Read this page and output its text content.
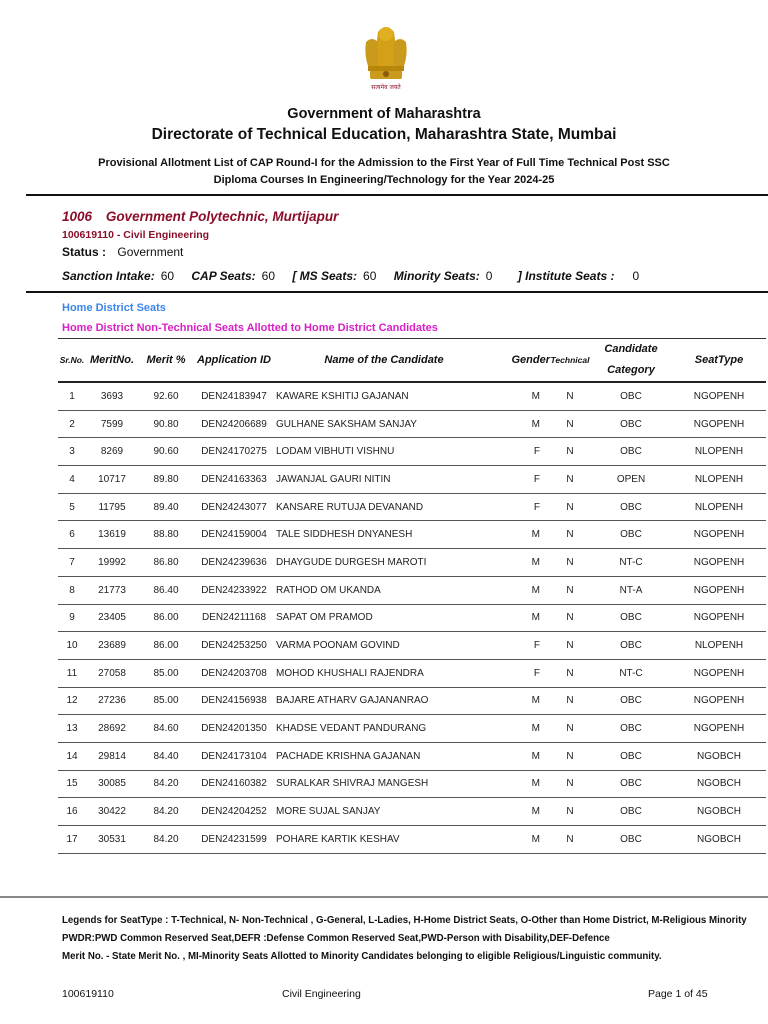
सत्यमेव जयते
Government of Maharashtra
Directorate of Technical Education, Maharashtra State, Mumbai
Provisional Allotment List of CAP Round-I for the Admission to the First Year of Full Time Technical Post SSC
Diploma Courses In Engineering/Technology for the Year 2024-25
1006 Government Polytechnic, Murtijapur
100619110 - Civil Engineering
Status : Government
Sanction Intake: 60 CAP Seats: 60 [ MS Seats: 60 Minority Seats: 0 ] Institute Seats : 0
Home District Seats
Home District Non-Technical Seats Allotted to Home District Candidates
Sr.No.	MeritNo.	Merit %	Application ID	Name of the Candidate	Gender	Technical	Candidate
Category	SeatType
1	3693	92.60	DEN24183947	KAWARE KSHITIJ GAJANAN	M	N	OBC	NGOPENH
2	7599	90.80	DEN24206689	GULHANE SAKSHAM SANJAY	M	N	OBC	NGOPENH
3	8269	90.60	DEN24170275	LODAM VIBHUTI VISHNU	F	N	OBC	NLOPENH
4	10717	89.80	DEN24163363	JAWANJAL GAURI NITIN	F	N	OPEN	NLOPENH
5	11795	89.40	DEN24243077	KANSARE RUTUJA DEVANAND	F	N	OBC	NLOPENH
6	13619	88.80	DEN24159004	TALE SIDDHESH DNYANESH	M	N	OBC	NGOPENH
7	19992	86.80	DEN24239636	DHAYGUDE DURGESH MAROTI	M	N	NT-C	NGOPENH
8	21773	86.40	DEN24233922	RATHOD OM UKANDA	M	N	NT-A	NGOPENH
9	23405	86.00	DEN24211168	SAPAT OM PRAMOD	M	N	OBC	NGOPENH
10	23689	86.00	DEN24253250	VARMA POONAM GOVIND	F	N	OBC	NLOPENH
11	27058	85.00	DEN24203708	MOHOD KHUSHALI RAJENDRA	F	N	NT-C	NGOPENH
12	27236	85.00	DEN24156938	BAJARE ATHARV GAJANANRAO	M	N	OBC	NGOPENH
13	28692	84.60	DEN24201350	KHADSE VEDANT PANDURANG	M	N	OBC	NGOPENH
14	29814	84.40	DEN24173104	PACHADE KRISHNA GAJANAN	M	N	OBC	NGOBCH
15	30085	84.20	DEN24160382	SURALKAR SHIVRAJ MANGESH	M	N	OBC	NGOBCH
16	30422	84.20	DEN24204252	MORE SUJAL SANJAY	M	N	OBC	NGOBCH
17	30531	84.20	DEN24231599	POHARE KARTIK KESHAV	M	N	OBC	NGOBCH
Legends for SeatType : T-Technical, N- Non-Technical , G-General, L-Ladies, H-Home District Seats, O-Other than Home District, M-Religious Minority
PWDR:PWD Common Reserved Seat,DEFR :Defense Common Reserved Seat,PWD-Person with Disability,DEF-Defence
Merit No. - State Merit No. , MI-Minority Seats Allotted to Minority Candidates belonging to eligible Religious/Linguistic community.
100619110	Civil Engineering	Page 1 of 45
